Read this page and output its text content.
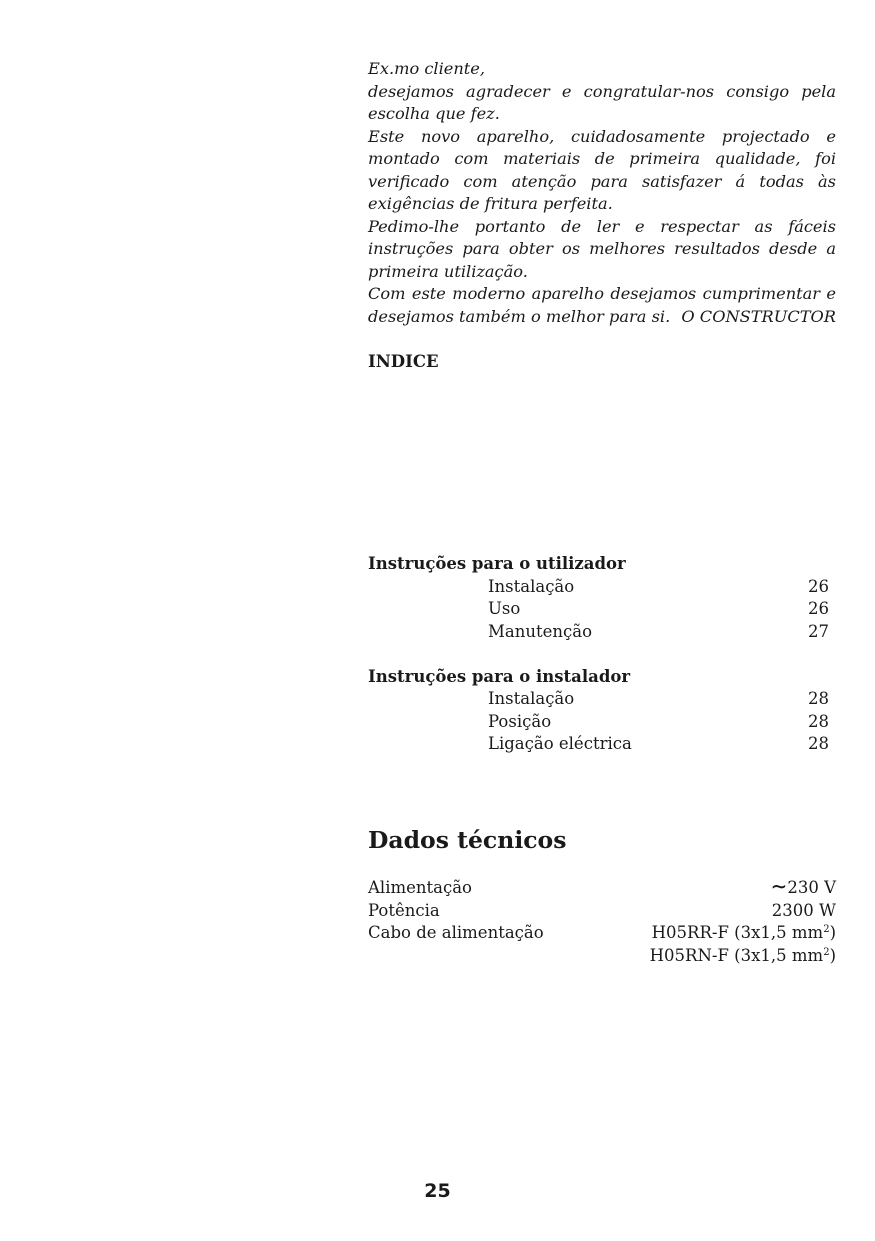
Ex.mo cliente,

desejamos agradecer e congratular-nos consigo pela escolha que fez.

Este novo aparelho, cuidadosamente projectado e montado com materiais de primeira qualidade, foi verificado com atenção para satisfazer á todas às exigências de fritura perfeita.

Pedimo-lhe portanto de ler e respectar as fáceis instruções para obter os melhores resultados desde a primeira utilização.

Com este moderno aparelho desejamos cumprimentar e desejamos também o melhor para si. O CONSTRUCTOR
INDICE
Instruções para o utilizador
Instalação	26
Uso	26
Manutenção	27
Instruções para o instalador
Instalação	28
Posição	28
Ligação eléctrica	28
Dados técnicos
Alimentação	∼230 V
Potência	2300 W
Cabo de alimentação	H05RR-F (3x1,5 $mm^2$)
H05RN-F (3x1,5 $mm^2$)
25
